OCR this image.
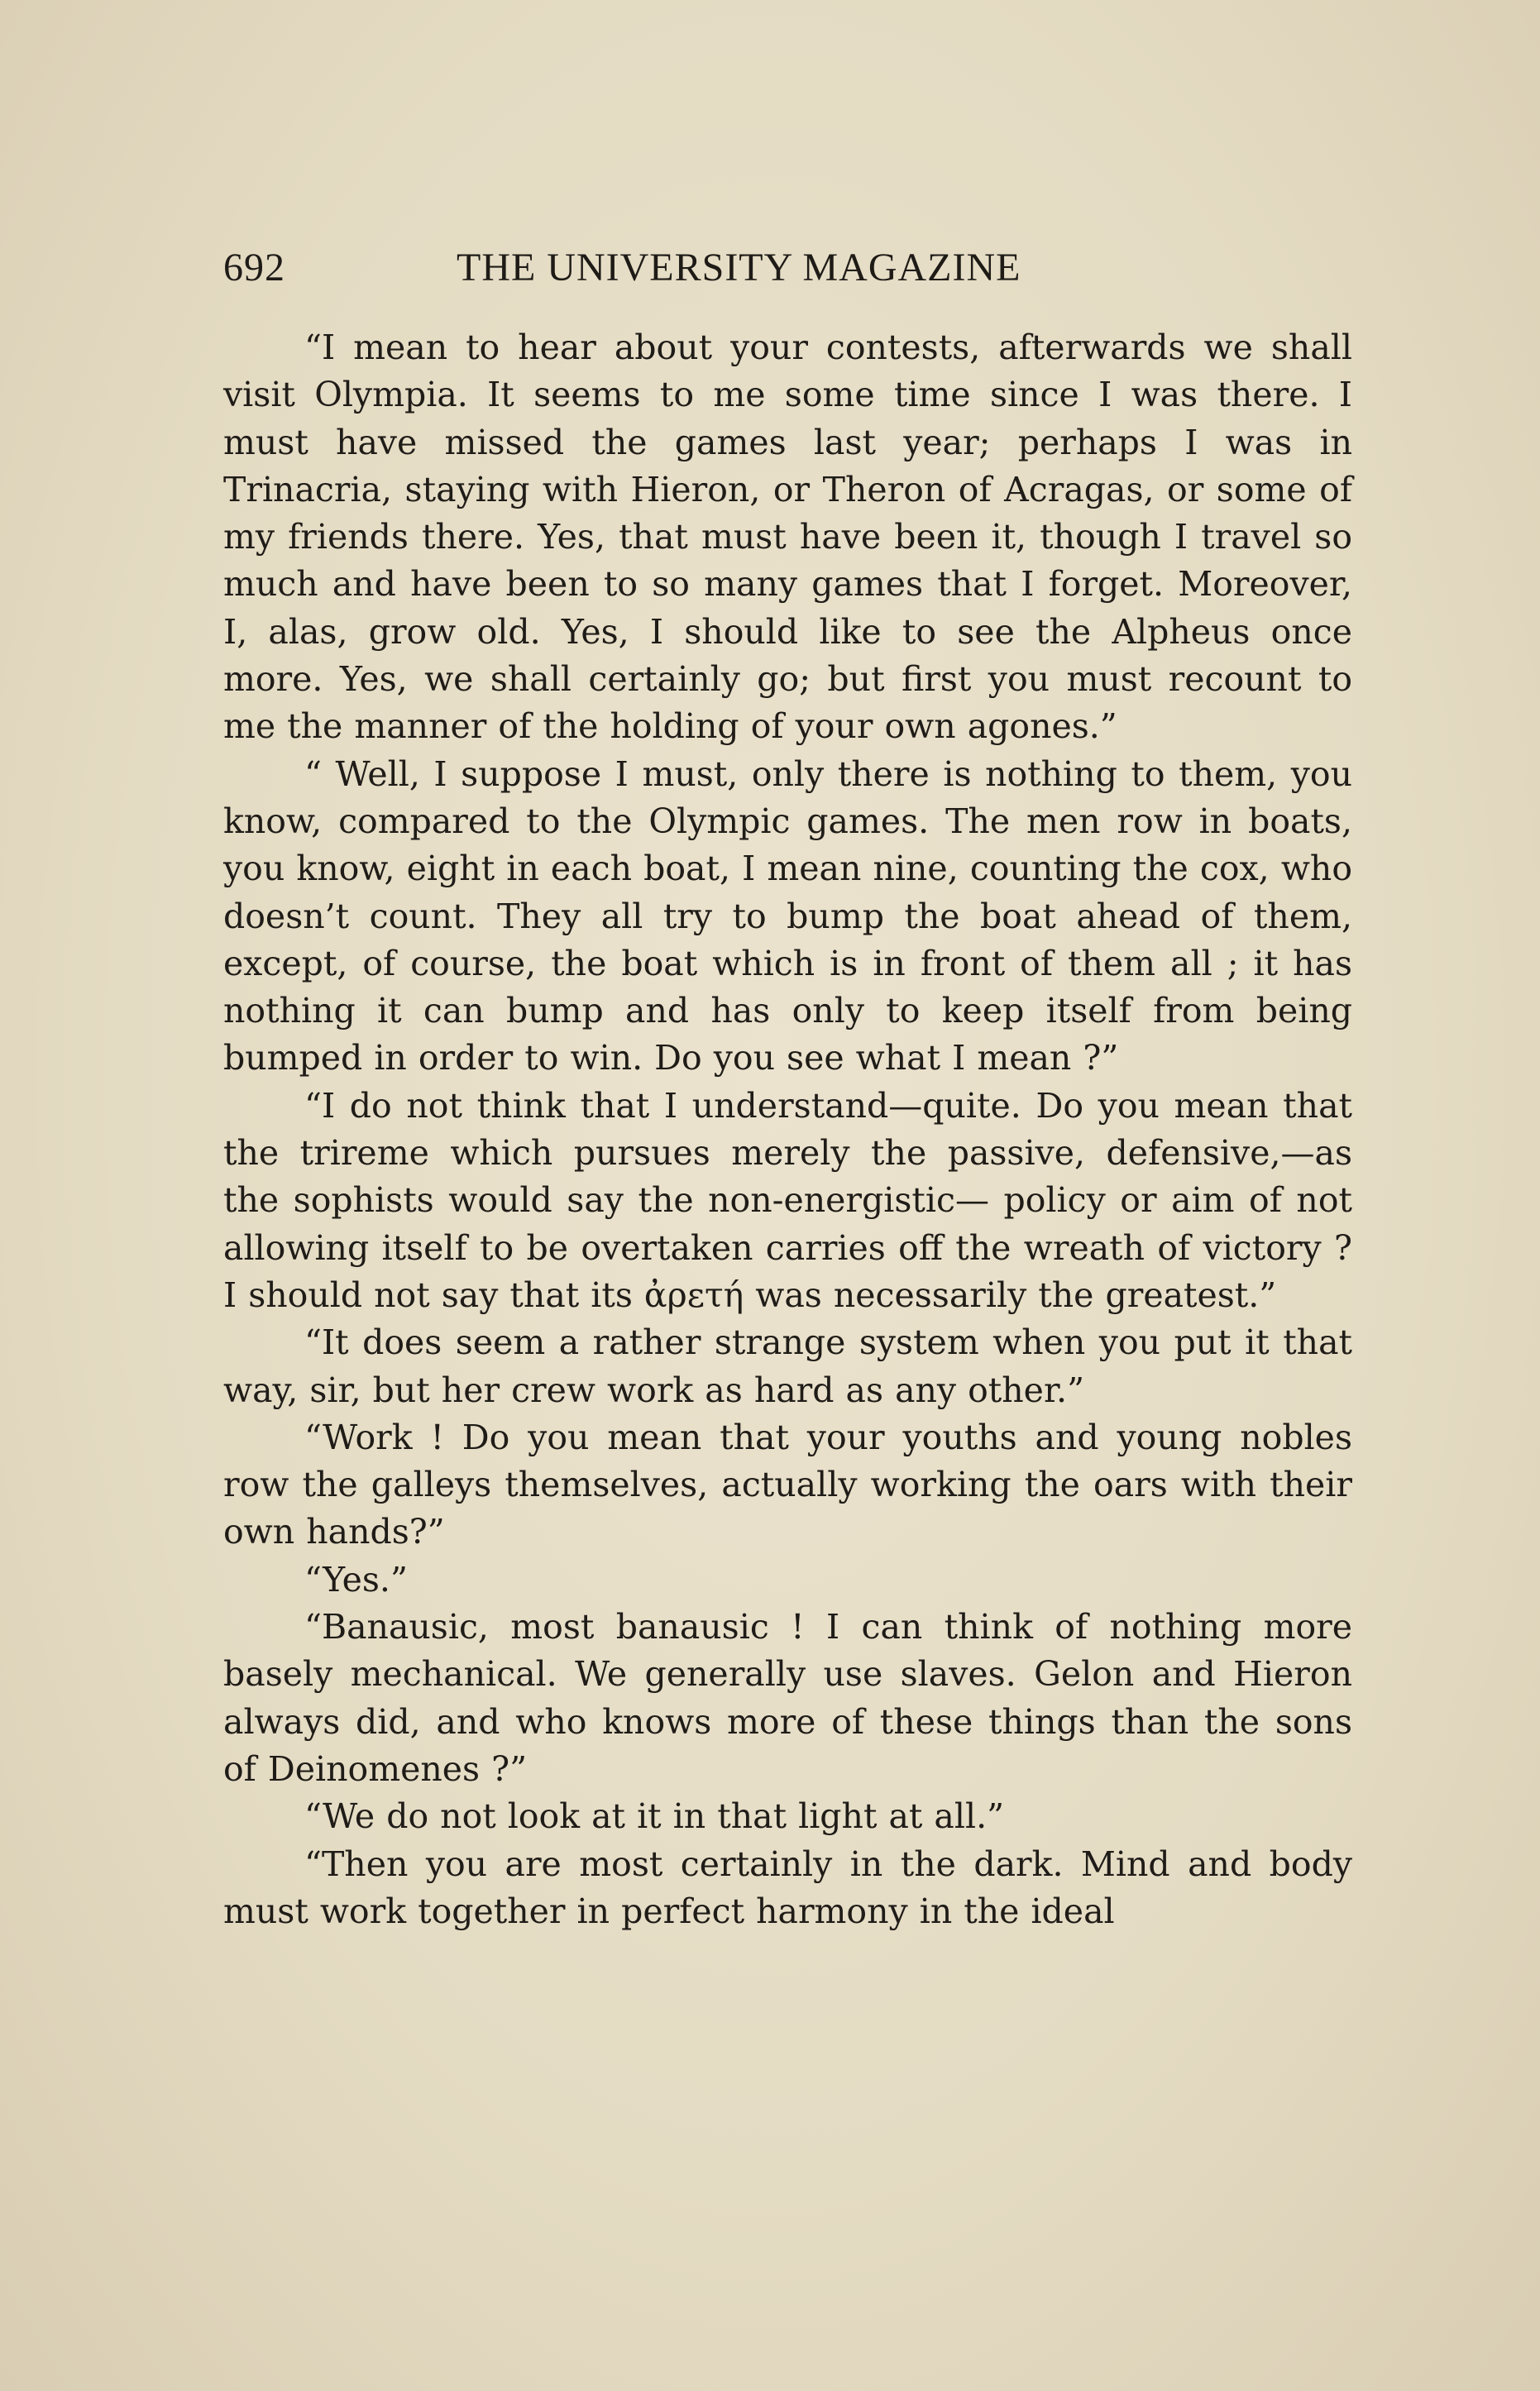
692	THE UNIVERSITY MAGAZINE

“I mean to hear about your contests, afterwards we shall visit Olympia. It seems to me some time since I was there. I must have missed the games last year; perhaps I was in Trinacria, staying with Hieron, or Theron of Acragas, or some of my friends there. Yes, that must have been it, though I travel so much and have been to so many games that I forget. Moreover, I, alas, grow old. Yes, I should like to see the Alpheus once more. Yes, we shall certainly go; but first you must recount to me the manner of the holding of your own agones.”

“ Well, I suppose I must, only there is nothing to them, you know, compared to the Olympic games. The men row in boats, you know, eight in each boat, I mean nine, counting the cox, who doesn’t count. They all try to bump the boat ahead of them, except, of course, the boat which is in front of them all ; it has nothing it can bump and has only to keep itself from being bumped in order to win. Do you see what I mean ?”

“I do not think that I understand—quite. Do you mean that the trireme which pursues merely the passive, defensive,—as the sophists would say the non-energistic— policy or aim of not allowing itself to be overtaken carries off the wreath of victory ? I should not say that its ἀρετή was necessarily the greatest.”

“It does seem a rather strange system when you put it that way, sir, but her crew work as hard as any other.”

“Work ! Do you mean that your youths and young nobles row the galleys themselves, actually working the oars with their own hands?”

“Yes.”

“Banausic, most banausic ! I can think of nothing more basely mechanical. We generally use slaves. Gelon and Hieron always did, and who knows more of these things than the sons of Deinomenes ?”

“We do not look at it in that light at all.”

“Then you are most certainly in the dark. Mind and body must work together in perfect harmony in the ideal
